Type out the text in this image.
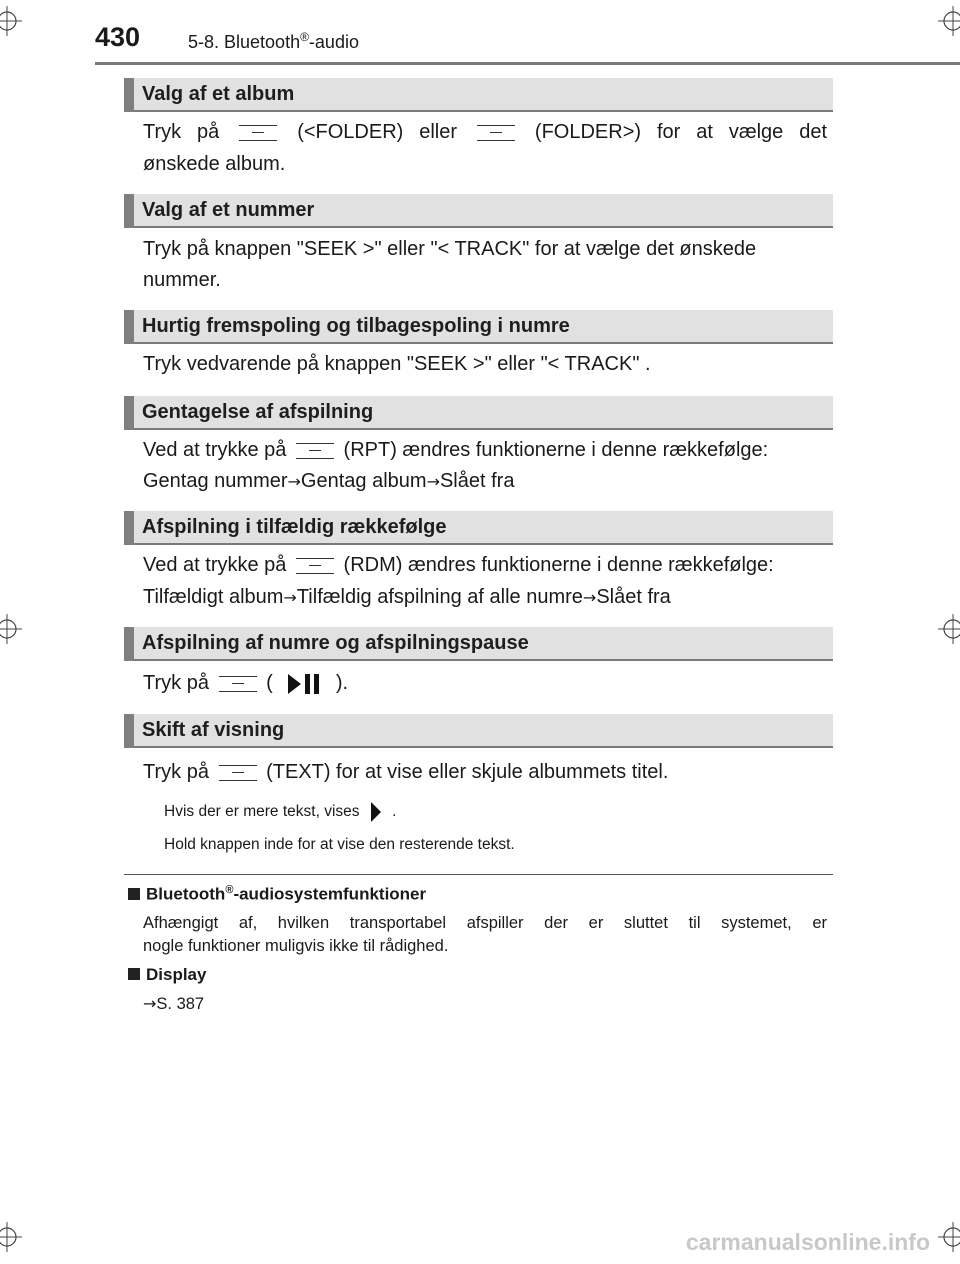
430	5-8. Bluetooth®-audio
Valg af et album
Tryk på	(<FOLDER) eller	(FOLDER>) for at vælge det
ønskede album.
Valg af et nummer
Tryk på knappen "SEEK >" eller "< TRACK" for at vælge det ønskede
nummer.
Hurtig fremspoling og tilbagespoling i numre
Tryk vedvarende på knappen "SEEK >" eller "< TRACK" .
Gentagelse af afspilning
Ved at trykke på	(RPT) ændres funktionerne i denne rækkefølge:
Gentag nummer→Gentag album→Slået fra
Afspilning i tilfældig rækkefølge
Ved at trykke på	(RDM) ændres funktionerne i denne rækkefølge:
Tilfældigt album→Tilfældig afspilning af alle numre→Slået fra
Afspilning af numre og afspilningspause
Tryk på	(	).
Skift af visning
Tryk på	(TEXT) for at vise eller skjule albummets titel.
Hvis der er mere tekst, vises .
Hold knappen inde for at vise den resterende tekst.
Bluetooth®-audiosystemfunktioner
Afhængigt af, hvilken transportabel afspiller der er sluttet til systemet, er
nogle funktioner muligvis ikke til rådighed.
Display
→S. 387
carmanualsonline.info
